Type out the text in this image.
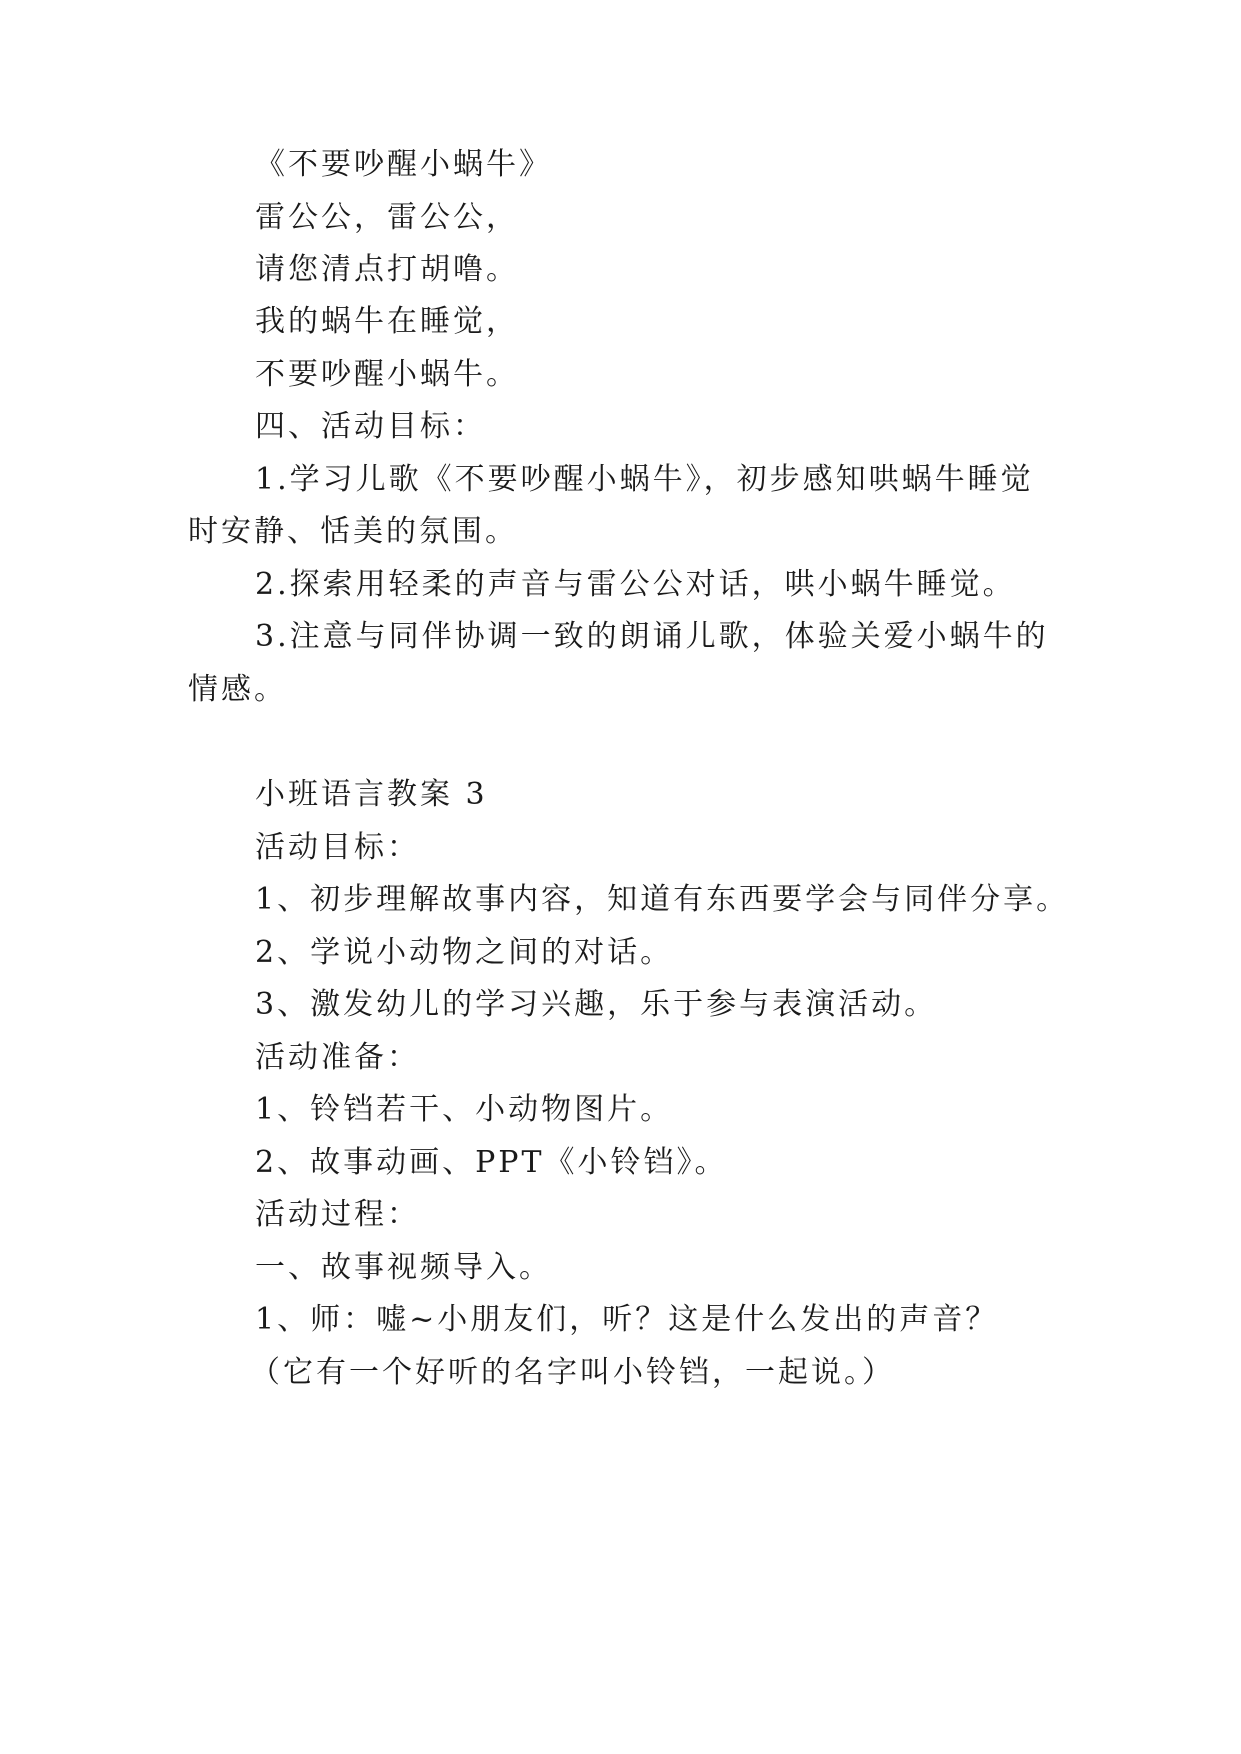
《不要吵醒小蜗牛》
雷公公，雷公公，
请您清点打胡噜。
我的蜗牛在睡觉，
不要吵醒小蜗牛。
四、活动目标：
1.学习儿歌《不要吵醒小蜗牛》，初步感知哄蜗牛睡觉
时安静、恬美的氛围。
2.探索用轻柔的声音与雷公公对话，哄小蜗牛睡觉。
3.注意与同伴协调一致的朗诵儿歌，体验关爱小蜗牛的
情感。
小班语言教案 3
活动目标：
1、初步理解故事内容，知道有东西要学会与同伴分享。
2、学说小动物之间的对话。
3、激发幼儿的学习兴趣，乐于参与表演活动。
活动准备：
1、铃铛若干、小动物图片。
2、故事动画、PPT《小铃铛》。
活动过程：
一、故事视频导入。
1、师：嘘~小朋友们，听？这是什么发出的声音？
（它有一个好听的名字叫小铃铛，一起说。）
